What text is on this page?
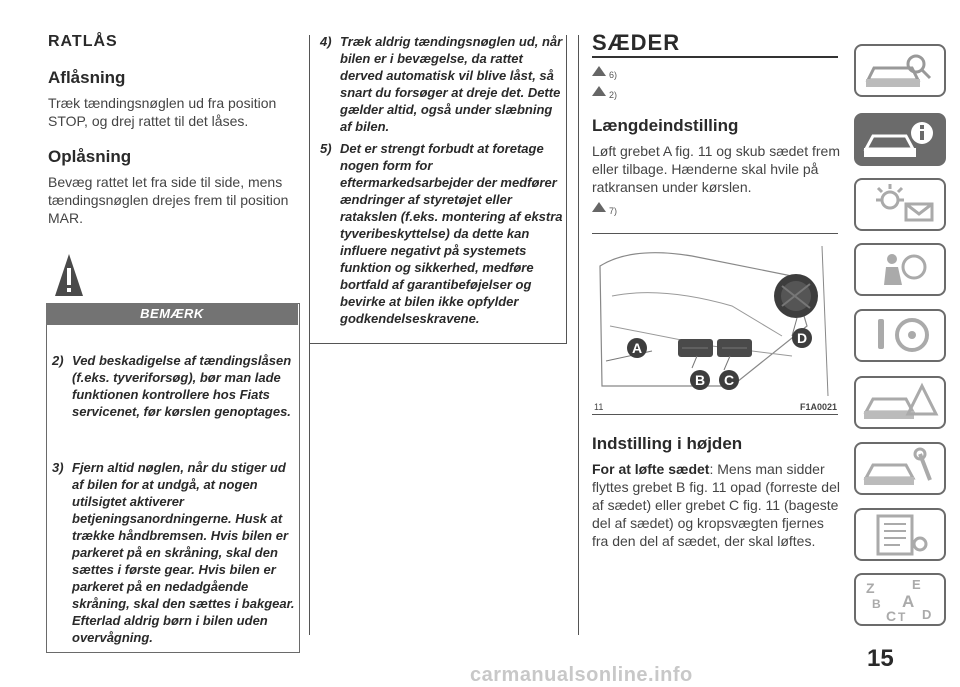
RATLÅS
Aflåsning

Træk tændingsnøglen ud fra position STOP, og drej rattet til det låses.

Oplåsning

Bevæg rattet let fra side til side, mens tændingsnøglen drejes frem til position MAR.

BEMÆRK
2) Ved beskadigelse af tændingslåsen (f.eks. tyveriforsøg), bør man lade funktionen kontrollere hos Fiats servicenet, før kørslen genoptages.
3) Fjern altid nøglen, når du stiger ud af bilen for at undgå, at nogen utilsigtet aktiverer betjeningsanordningerne. Husk at trække håndbremsen. Hvis bilen er parkeret på en skråning, skal den sættes i første gear. Hvis bilen er parkeret på en nedadgående skråning, skal den sættes i bakgear. Efterlad aldrig børn i bilen uden overvågning.
4) Træk aldrig tændingsnøglen ud, når bilen er i bevægelse, da rattet derved automatisk vil blive låst, så snart du forsøger at dreje det. Dette gælder altid, også under slæbning af bilen.
5) Det er strengt forbudt at foretage nogen form for eftermarkedsarbejder der medfører ændringer af styretøjet eller ratakslen (f.eks. montering af ekstra tyveribeskyttelse) da dette kan influere negativt på systemets funktion og sikkerhed, medføre bortfald af garantibeføjelser og bevirke at bilen ikke opfylder godkendelseskravene.
SÆDER
6)
2)
Længdeindstilling

Løft grebet A fig. 11 og skub sædet frem eller tilbage. Hænderne skal hvile på ratkransen under kørslen.

7)
A
B C
D
11	F1A0021
Indstilling i højden

For at løfte sædet: Mens man sidder flyttes grebet B fig. 11 opad (forreste del af sædet) eller grebet C fig. 11 (bageste del af sædet) og kropsvægten fjernes fra den del af sædet, der skal løftes.

Z	E
B A
C T D
15
carmanualsonline.info
